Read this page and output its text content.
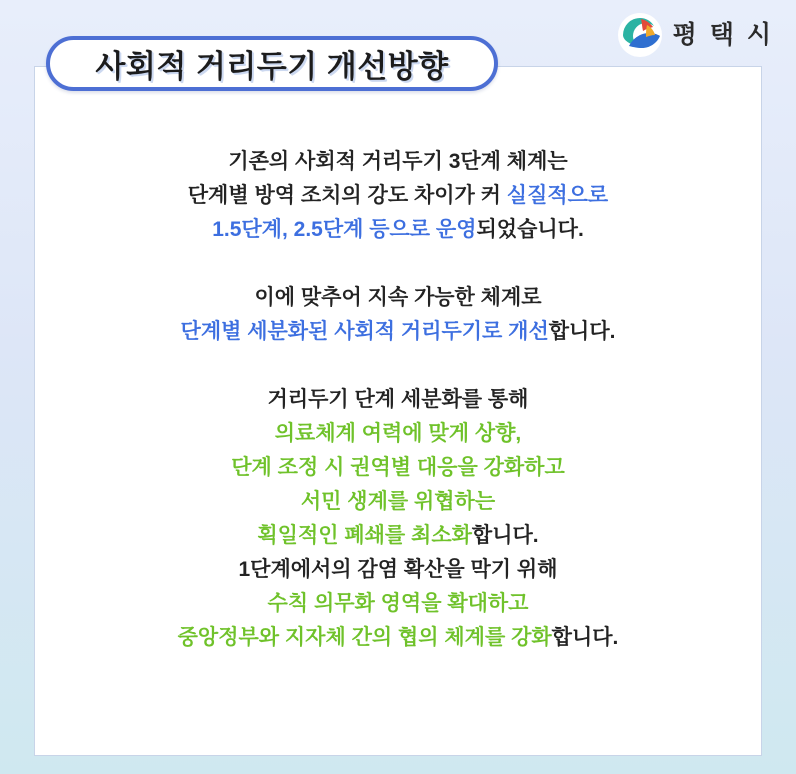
평 택 시
사회적 거리두기 개선방향
기존의 사회적 거리두기 3단계 체계는
단계별 방역 조치의 강도 차이가 커 실질적으로
1.5단계, 2.5단계 등으로 운영되었습니다.
이에 맞추어 지속 가능한 체계로
단계별 세분화된 사회적 거리두기로 개선합니다.
거리두기 단계 세분화를 통해
의료체계 여력에 맞게 상향,
단계 조정 시 권역별 대응을 강화하고
서민 생계를 위협하는
획일적인 폐쇄를 최소화합니다.
1단계에서의 감염 확산을 막기 위해
수칙 의무화 영역을 확대하고
중앙정부와 지자체 간의 협의 체계를 강화합니다.
